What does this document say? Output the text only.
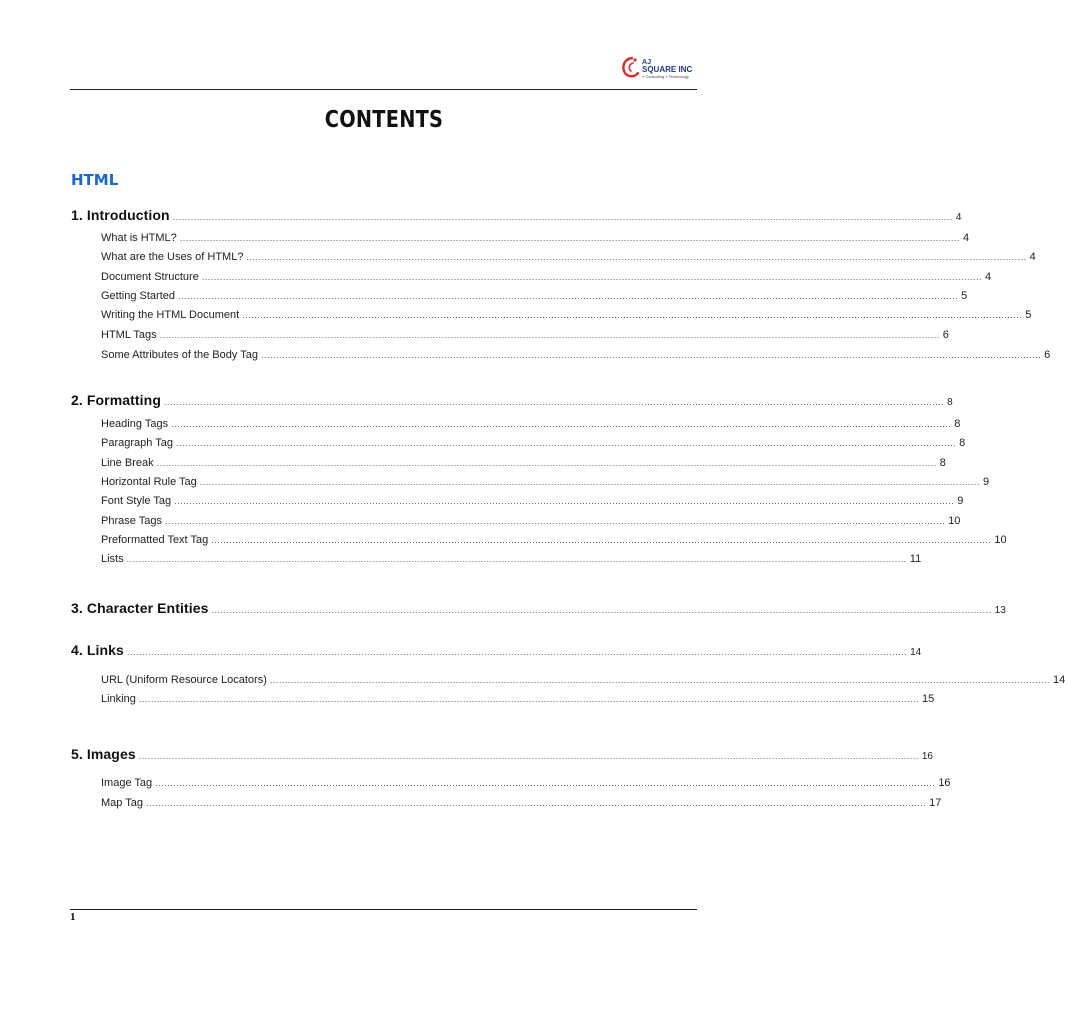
AJ
SQUARE INC
» Consulting » Technology
CONTENTS
HTML
1. Introduction .................................................................................................................................................................................................................................................................... 4
What is HTML? .................................................................................................................................................................................................................................................................... 4
What are the Uses of HTML? .................................................................................................................................................................................................................................................................... 4
Document Structure .................................................................................................................................................................................................................................................................... 4
Getting Started .................................................................................................................................................................................................................................................................... 5
Writing the HTML Document .................................................................................................................................................................................................................................................................... 5
HTML Tags .................................................................................................................................................................................................................................................................... 6
Some Attributes of the Body Tag .................................................................................................................................................................................................................................................................... 6
2. Formatting .................................................................................................................................................................................................................................................................... 8
Heading Tags .................................................................................................................................................................................................................................................................... 8
Paragraph Tag .................................................................................................................................................................................................................................................................... 8
Line Break .................................................................................................................................................................................................................................................................... 8
Horizontal Rule Tag .................................................................................................................................................................................................................................................................... 9
Font Style Tag .................................................................................................................................................................................................................................................................... 9
Phrase Tags .................................................................................................................................................................................................................................................................... 10
Preformatted Text Tag .................................................................................................................................................................................................................................................................... 10
Lists .................................................................................................................................................................................................................................................................... 11
3. Character Entities .................................................................................................................................................................................................................................................................... 13
4. Links .................................................................................................................................................................................................................................................................... 14
URL (Uniform Resource Locators) .................................................................................................................................................................................................................................................................... 14
Linking .................................................................................................................................................................................................................................................................... 15
5. Images .................................................................................................................................................................................................................................................................... 16
Image Tag .................................................................................................................................................................................................................................................................... 16
Map Tag .................................................................................................................................................................................................................................................................... 17
1
